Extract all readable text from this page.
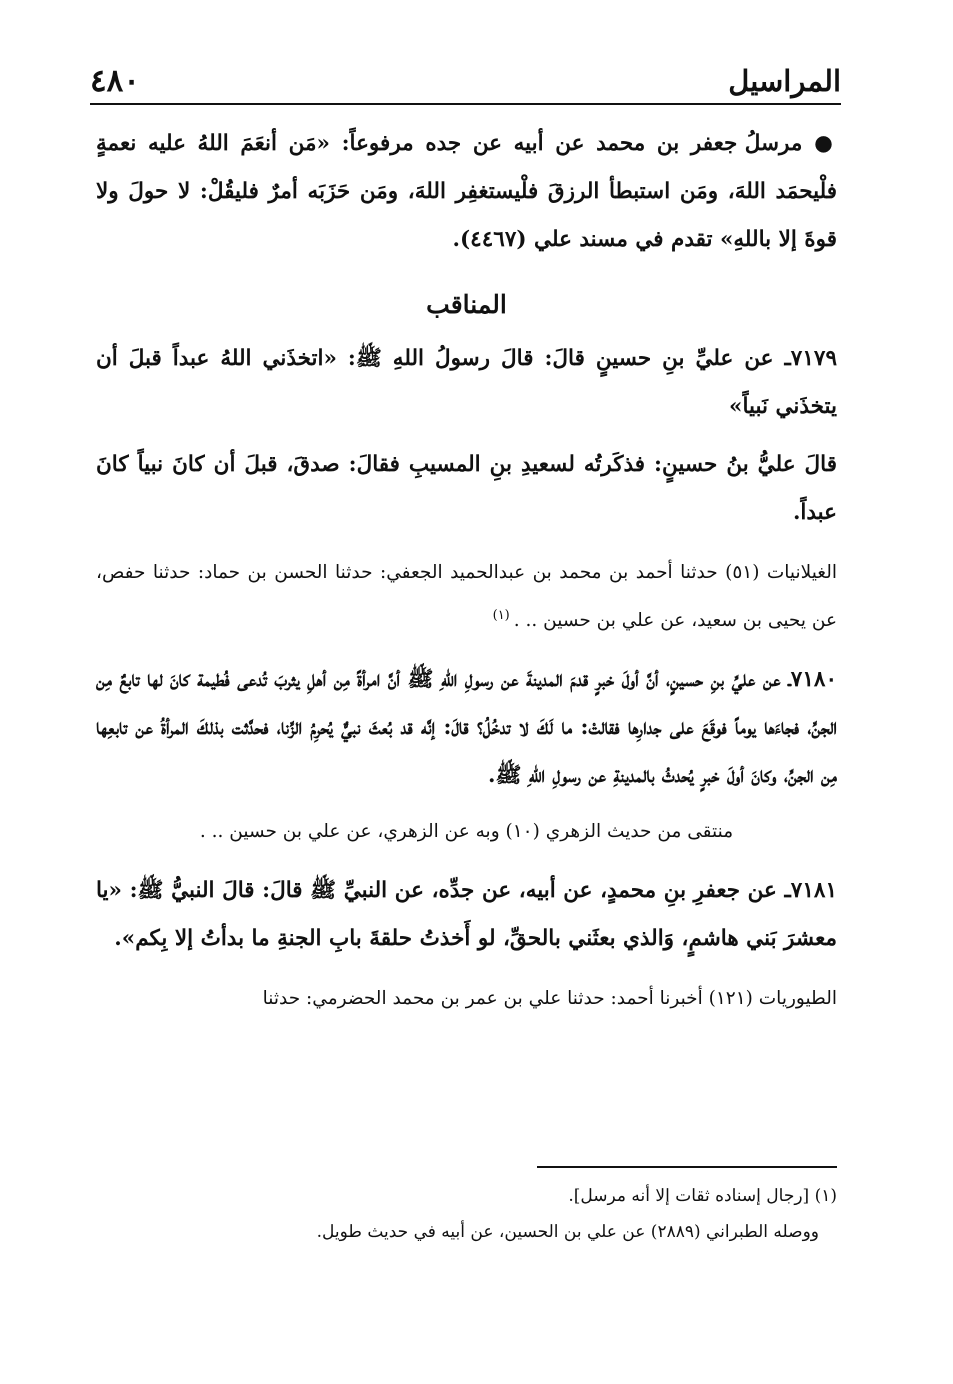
٤٨٠	المراسيل

● مرسلُ جعفر بن محمد عن أبيه عن جده مرفوعاً: «مَن أنعَمَ اللهُ عليه نعمةٍ فلْيحمَد اللهَ، ومَن استبطأ الرزقَ فلْيستغفِر اللهَ، ومَن حَزَبَه أمرٌ فليقُلْ: لا حولَ ولا قوةَ إلا باللهِ» تقدم في مسند علي (٤٤٦٧).

المناقب

٧١٧٩ـ عن عليِّ بنِ حسينٍ قالَ: قالَ رسولُ اللهِ ﷺ: «اتخذَني اللهُ عبداً قبلَ أن يتخذَني نَبياً»

قالَ عليُّ بنُ حسينٍ: فذكَرتُه لسعيدِ بنِ المسيبِ فقالَ: صدقَ، قبلَ أن كانَ نبياً كانَ عبداً.

الغيلانيات (٥١) حدثنا أحمد بن محمد بن عبدالحميد الجعفي: حدثنا الحسن بن حماد: حدثنا حفص، عن يحيى بن سعيد، عن علي بن حسين .. .$^{(١)}$

٧١٨٠ـ عن عليِّ بنِ حسينٍ، أنَّ أولَ خبرٍ قدمَ المدينةَ عن رسولِ اللهِ ﷺ أنَّ امرأةً مِن أهلِ يثربَ تُدعى فُطيمة كانَ لها تابعٌ مِن الجنِّ، فجاءَها يوماً فوقَعَ على جدارِها فقالتْ: ما لَكَ لا تدخُلُ؟ قالَ: إنَّه قد بُعثَ نبيٌّ يُحرِمُ الزِّنا، فحدَّثت بذلكَ المرأةُ عن تابعِها مِن الجنِّ، وكانَ أولَ خبرٍ يُحدثُ بالمدينةِ عن رسولِ اللهِ ﷺ.

منتقى من حديث الزهري (١٠) وبه عن الزهري، عن علي بن حسين .. .

٧١٨١ـ عن جعفرِ بنِ محمدٍ، عن أبيه، عن جدِّه، عن النبيِّ ﷺ قالَ: قالَ النبيُّ ﷺ: «يا معشرَ بَني هاشمٍ، وَالذي بعثَني بالحقِّ، لو أَخذتُ حلقةَ بابِ الجنةِ ما بدأتُ إلا بِكم».

الطيوريات (١٢١) أخبرنا أحمد: حدثنا علي بن عمر بن محمد الحضرمي: حدثنا

(١) [رجال إسناده ثقات إلا أنه مرسل].

ووصله الطبراني (٢٨٨٩) عن علي بن الحسين، عن أبيه في حديث طويل.
